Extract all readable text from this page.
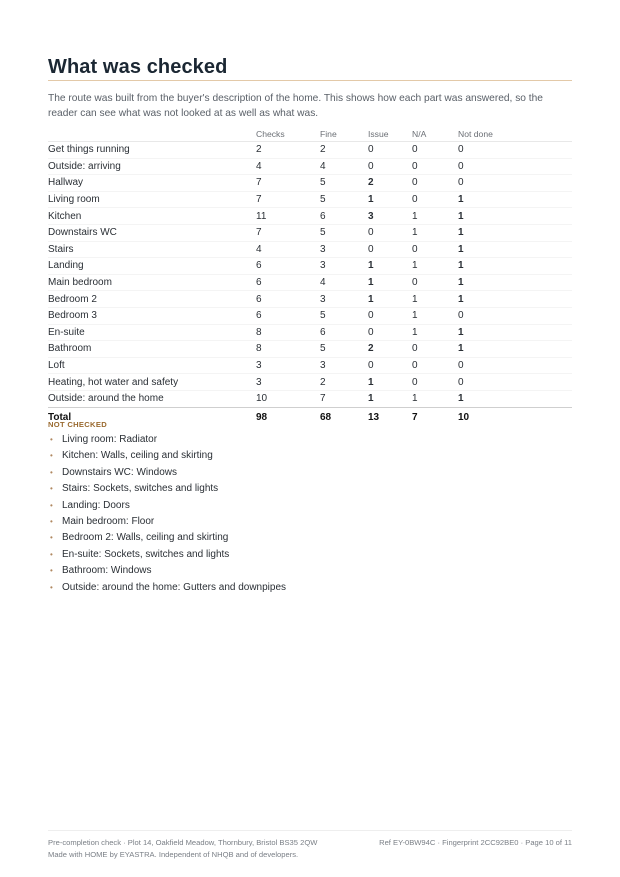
What was checked

The route was built from the buyer's description of the home. This shows how each part was answered, so the reader can see what was not looked at as well as what was.

	Checks	Fine	Issue	N/A	Not done
Get things running	2	2	0	0	0
Outside: arriving	4	4	0	0	0
Hallway	7	5	2	0	0
Living room	7	5	1	0	1
Kitchen	11	6	3	1	1
Downstairs WC	7	5	0	1	1
Stairs	4	3	0	0	1
Landing	6	3	1	1	1
Main bedroom	6	4	1	0	1
Bedroom 2	6	3	1	1	1
Bedroom 3	6	5	0	1	0
En-suite	8	6	0	1	1
Bathroom	8	5	2	0	1
Loft	3	3	0	0	0
Heating, hot water and safety	3	2	1	0	0
Outside: around the home	10	7	1	1	1
Total	98	68	13	7	10
NOT CHECKED
• Living room: Radiator
• Kitchen: Walls, ceiling and skirting
• Downstairs WC: Windows
• Stairs: Sockets, switches and lights
• Landing: Doors
• Main bedroom: Floor
• Bedroom 2: Walls, ceiling and skirting
• En-suite: Sockets, switches and lights
• Bathroom: Windows
• Outside: around the home: Gutters and downpipes
Pre-completion check · Plot 14, Oakfield Meadow, Thornbury, Bristol BS35 2QW	Ref EY-0BW94C · Fingerprint 2CC92BE0 · Page 10 of 11
Made with HOME by EYASTRA. Independent of NHQB and of developers.
